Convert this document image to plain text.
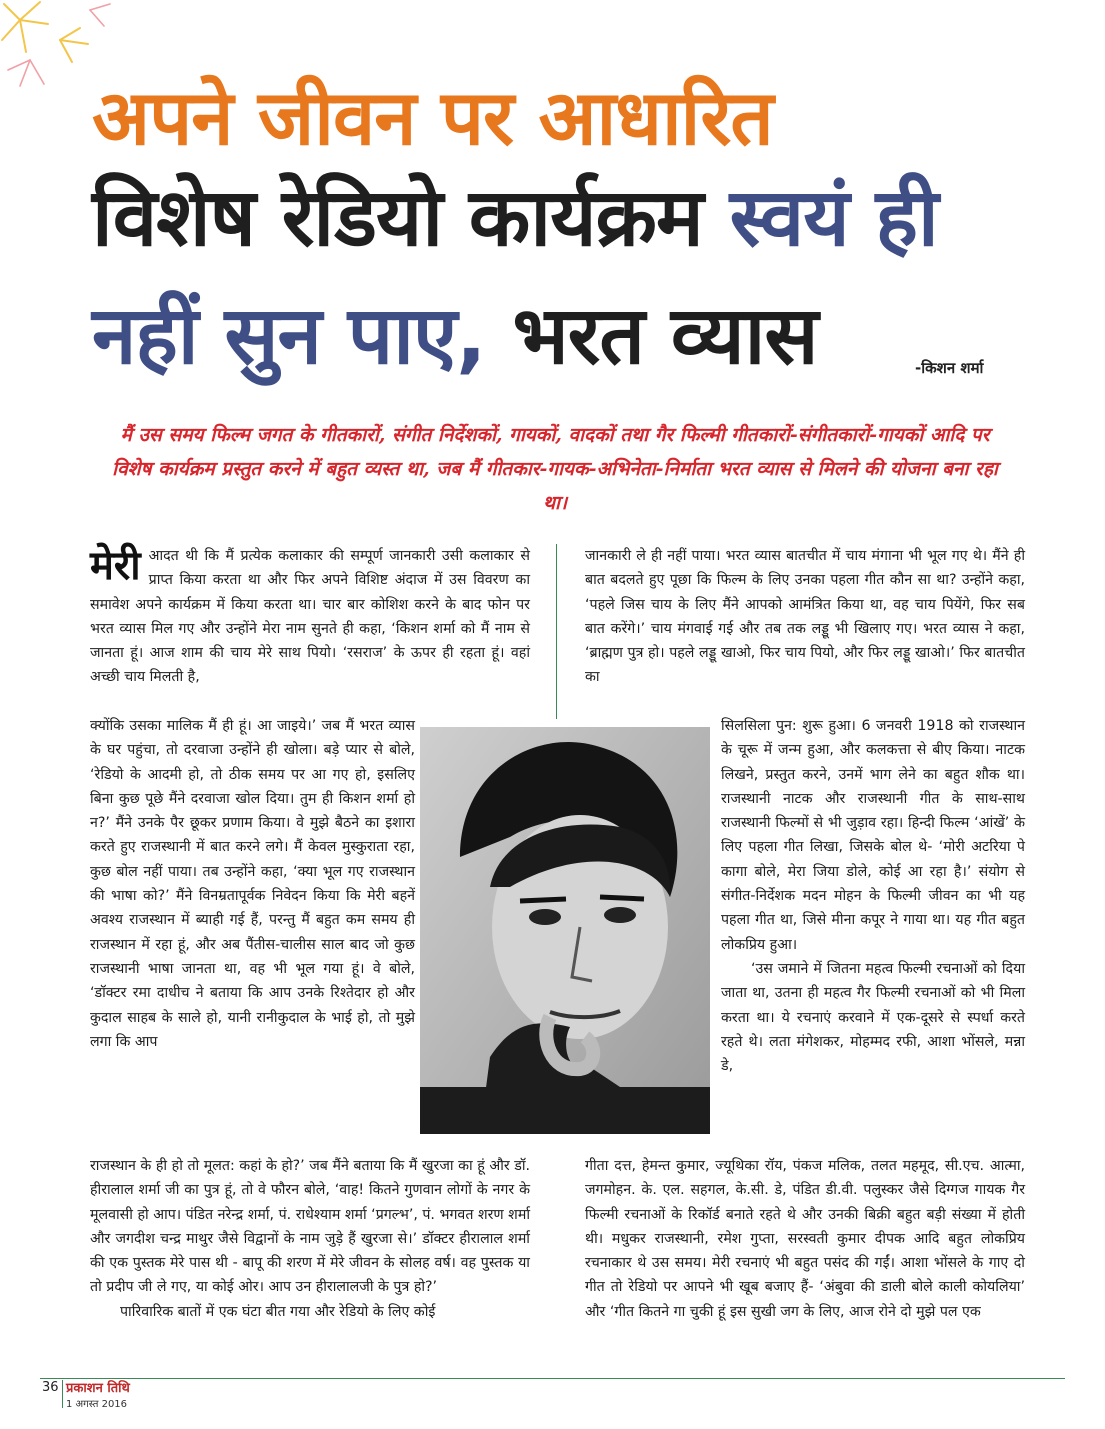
अपने जीवन पर आधारित
विशेष रेडियो कार्यक्रम स्वयं ही
नहीं सुन पाए, भरत व्यास	-किशन शर्मा

मैं उस समय फिल्म जगत के गीतकारों, संगीत निर्देशकों, गायकों, वादकों तथा गैर फिल्मी गीतकारों-संगीतकारों-गायकों आदि पर विशेष कार्यक्रम प्रस्तुत करने में बहुत व्यस्त था, जब मैं गीतकार-गायक-अभिनेता-निर्माता भरत व्यास से मिलने की योजना बना रहा था।

मेरी आदत थी कि मैं प्रत्येक कलाकार की सम्पूर्ण जानकारी उसी कलाकार से प्राप्त किया करता था और फिर अपने विशिष्ट अंदाज में उस विवरण का समावेश अपने कार्यक्रम में किया करता था। चार बार कोशिश करने के बाद फोन पर भरत व्यास मिल गए और उन्होंने मेरा नाम सुनते ही कहा, ‘किशन शर्मा को मैं नाम से जानता हूं। आज शाम की चाय मेरे साथ पियो। ‘रसराज’ के ऊपर ही रहता हूं। वहां अच्छी चाय मिलती है,

क्योंकि उसका मालिक मैं ही हूं। आ जाइये।’ जब मैं भरत व्यास के घर पहुंचा, तो दरवाजा उन्होंने ही खोला। बड़े प्यार से बोले, ‘रेडियो के आदमी हो, तो ठीक समय पर आ गए हो, इसलिए बिना कुछ पूछे मैंने दरवाजा खोल दिया। तुम ही किशन शर्मा हो न?’ मैंने उनके पैर छूकर प्रणाम किया। वे मुझे बैठने का इशारा करते हुए राजस्थानी में बात करने लगे। मैं केवल मुस्कुराता रहा, कुछ बोल नहीं पाया। तब उन्होंने कहा, ‘क्या भूल गए राजस्थान की भाषा को?’ मैंने विनम्रतापूर्वक निवेदन किया कि मेरी बहनें अवश्य राजस्थान में ब्याही गई हैं, परन्तु मैं बहुत कम समय ही राजस्थान में रहा हूं, और अब पैंतीस-चालीस साल बाद जो कुछ राजस्थानी भाषा जानता था, वह भी भूल गया हूं। वे बोले, ‘डॉक्टर रमा दाधीच ने बताया कि आप उनके रिश्तेदार हो और कुदाल साहब के साले हो, यानी रानीकुदाल के भाई हो, तो मुझे लगा कि आप

राजस्थान के ही हो तो मूलत: कहां के हो?’ जब मैंने बताया कि मैं खुरजा का हूं और डॉ. हीरालाल शर्मा जी का पुत्र हूं, तो वे फौरन बोले, ‘वाह! कितने गुणवान लोगों के नगर के मूलवासी हो आप। पंडित नरेन्द्र शर्मा, पं. राधेश्याम शर्मा ‘प्रगल्भ’, पं. भगवत शरण शर्मा और जगदीश चन्द्र माथुर जैसे विद्वानों के नाम जुड़े हैं खुरजा से।’ डॉक्टर हीरालाल शर्मा की एक पुस्तक मेरे पास थी - बापू की शरण में मेरे जीवन के सोलह वर्ष। वह पुस्तक या तो प्रदीप जी ले गए, या कोई ओर। आप उन हीरालालजी के पुत्र हो?’

पारिवारिक बातों में एक घंटा बीत गया और रेडियो के लिए कोई

जानकारी ले ही नहीं पाया। भरत व्यास बातचीत में चाय मंगाना भी भूल गए थे। मैंने ही बात बदलते हुए पूछा कि फिल्म के लिए उनका पहला गीत कौन सा था? उन्होंने कहा, ‘पहले जिस चाय के लिए मैंने आपको आमंत्रित किया था, वह चाय पियेंगे, फिर सब बात करेंगे।’ चाय मंगवाई गई और तब तक लड्डू भी खिलाए गए। भरत व्यास ने कहा, ‘ब्राह्मण पुत्र हो। पहले लड्डू खाओ, फिर चाय पियो, और फिर लड्डू खाओ।’ फिर बातचीत का

सिलसिला पुन: शुरू हुआ। 6 जनवरी 1918 को राजस्थान के चूरू में जन्म हुआ, और कलकत्ता से बीए किया। नाटक लिखने, प्रस्तुत करने, उनमें भाग लेने का बहुत शौक था। राजस्थानी नाटक और राजस्थानी गीत के साथ-साथ राजस्थानी फिल्मों से भी जुड़ाव रहा। हिन्दी फिल्म ‘आंखें’ के लिए पहला गीत लिखा, जिसके बोल थे- ‘मोरी अटरिया पे कागा बोले, मेरा जिया डोले, कोई आ रहा है।’ संयोग से संगीत-निर्देशक मदन मोहन के फिल्मी जीवन का भी यह पहला गीत था, जिसे मीना कपूर ने गाया था। यह गीत बहुत लोकप्रिय हुआ।

‘उस जमाने में जितना महत्व फिल्मी रचनाओं को दिया जाता था, उतना ही महत्व गैर फिल्मी रचनाओं को भी मिला करता था। ये रचनाएं करवाने में एक-दूसरे से स्पर्धा करते रहते थे। लता मंगेशकर, मोहम्मद रफी, आशा भोंसले, मन्ना डे,

गीता दत्त, हेमन्त कुमार, ज्यूथिका रॉय, पंकज मलिक, तलत महमूद, सी.एच. आत्मा, जगमोहन. के. एल. सहगल, के.सी. डे, पंडित डी.वी. पलुस्कर जैसे दिग्गज गायक गैर फिल्मी रचनाओं के रिकॉर्ड बनाते रहते थे और उनकी बिक्री बहुत बड़ी संख्या में होती थी। मधुकर राजस्थानी, रमेश गुप्ता, सरस्वती कुमार दीपक आदि बहुत लोकप्रिय रचनाकार थे उस समय। मेरी रचनाएं भी बहुत पसंद की गईं। आशा भोंसले के गाए दो गीत तो रेडियो पर आपने भी खूब बजाए हैं- ‘अंबुवा की डाली बोले काली कोयलिया’ और ‘गीत कितने गा चुकी हूं इस सुखी जग के लिए, आज रोने दो मुझे पल एक

36 प्रकाशन तिथि
1 अगस्त 2016
